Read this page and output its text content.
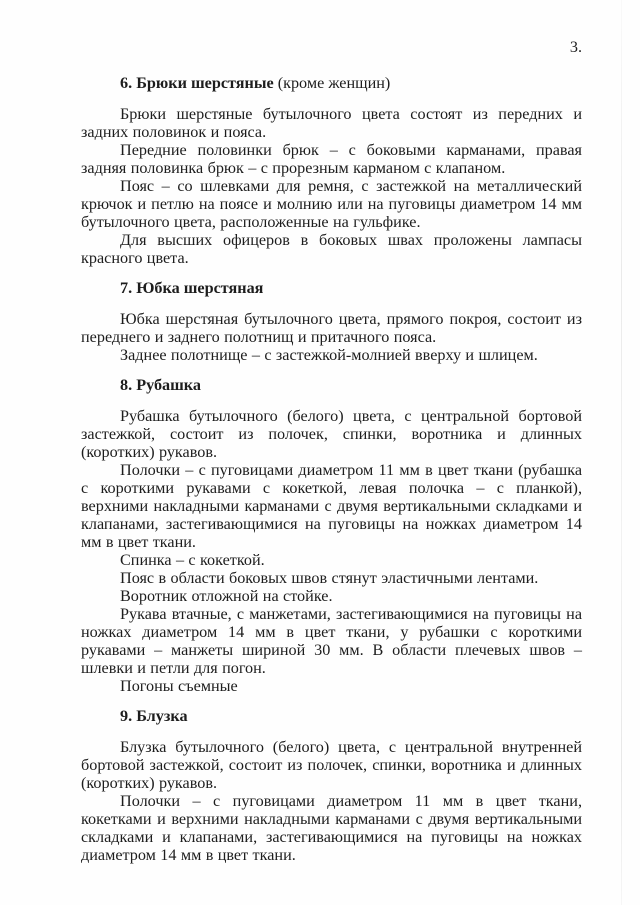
3.

6. Брюки шерстяные (кроме женщин)

Брюки шерстяные бутылочного цвета состоят из передних и задних половинок и пояса.

Передние половинки брюк – с боковыми карманами, правая задняя половинка брюк – с прорезным карманом с клапаном.

Пояс – со шлевками для ремня, с застежкой на металлический крючок и петлю на поясе и молнию или на пуговицы диаметром 14 мм бутылочного цвета, расположенные на гульфике.

Для высших офицеров в боковых швах проложены лампасы красного цвета.

7. Юбка шерстяная

Юбка шерстяная бутылочного цвета, прямого покроя, состоит из переднего и заднего полотнищ и притачного пояса.

Заднее полотнище – с застежкой-молнией вверху и шлицем.

8. Рубашка

Рубашка бутылочного (белого) цвета, с центральной бортовой застежкой, состоит из полочек, спинки, воротника и длинных (коротких) рукавов.

Полочки – с пуговицами диаметром 11 мм в цвет ткани (рубашка с короткими рукавами с кокеткой, левая полочка – с планкой), верхними накладными карманами с двумя вертикальными складками и клапанами, застегивающимися на пуговицы на ножках диаметром 14 мм в цвет ткани.

Спинка – с кокеткой.

Пояс в области боковых швов стянут эластичными лентами.

Воротник отложной на стойке.

Рукава втачные, с манжетами, застегивающимися на пуговицы на ножках диаметром 14 мм в цвет ткани, у рубашки с короткими рукавами – манжеты шириной 30 мм. В области плечевых швов – шлевки и петли для погон.

Погоны съемные

9. Блузка

Блузка бутылочного (белого) цвета, с центральной внутренней бортовой застежкой, состоит из полочек, спинки, воротника и длинных (коротких) рукавов.

Полочки – с пуговицами диаметром 11 мм в цвет ткани, кокетками и верхними накладными карманами с двумя вертикальными складками и клапанами, застегивающимися на пуговицы на ножках диаметром 14 мм в цвет ткани.
